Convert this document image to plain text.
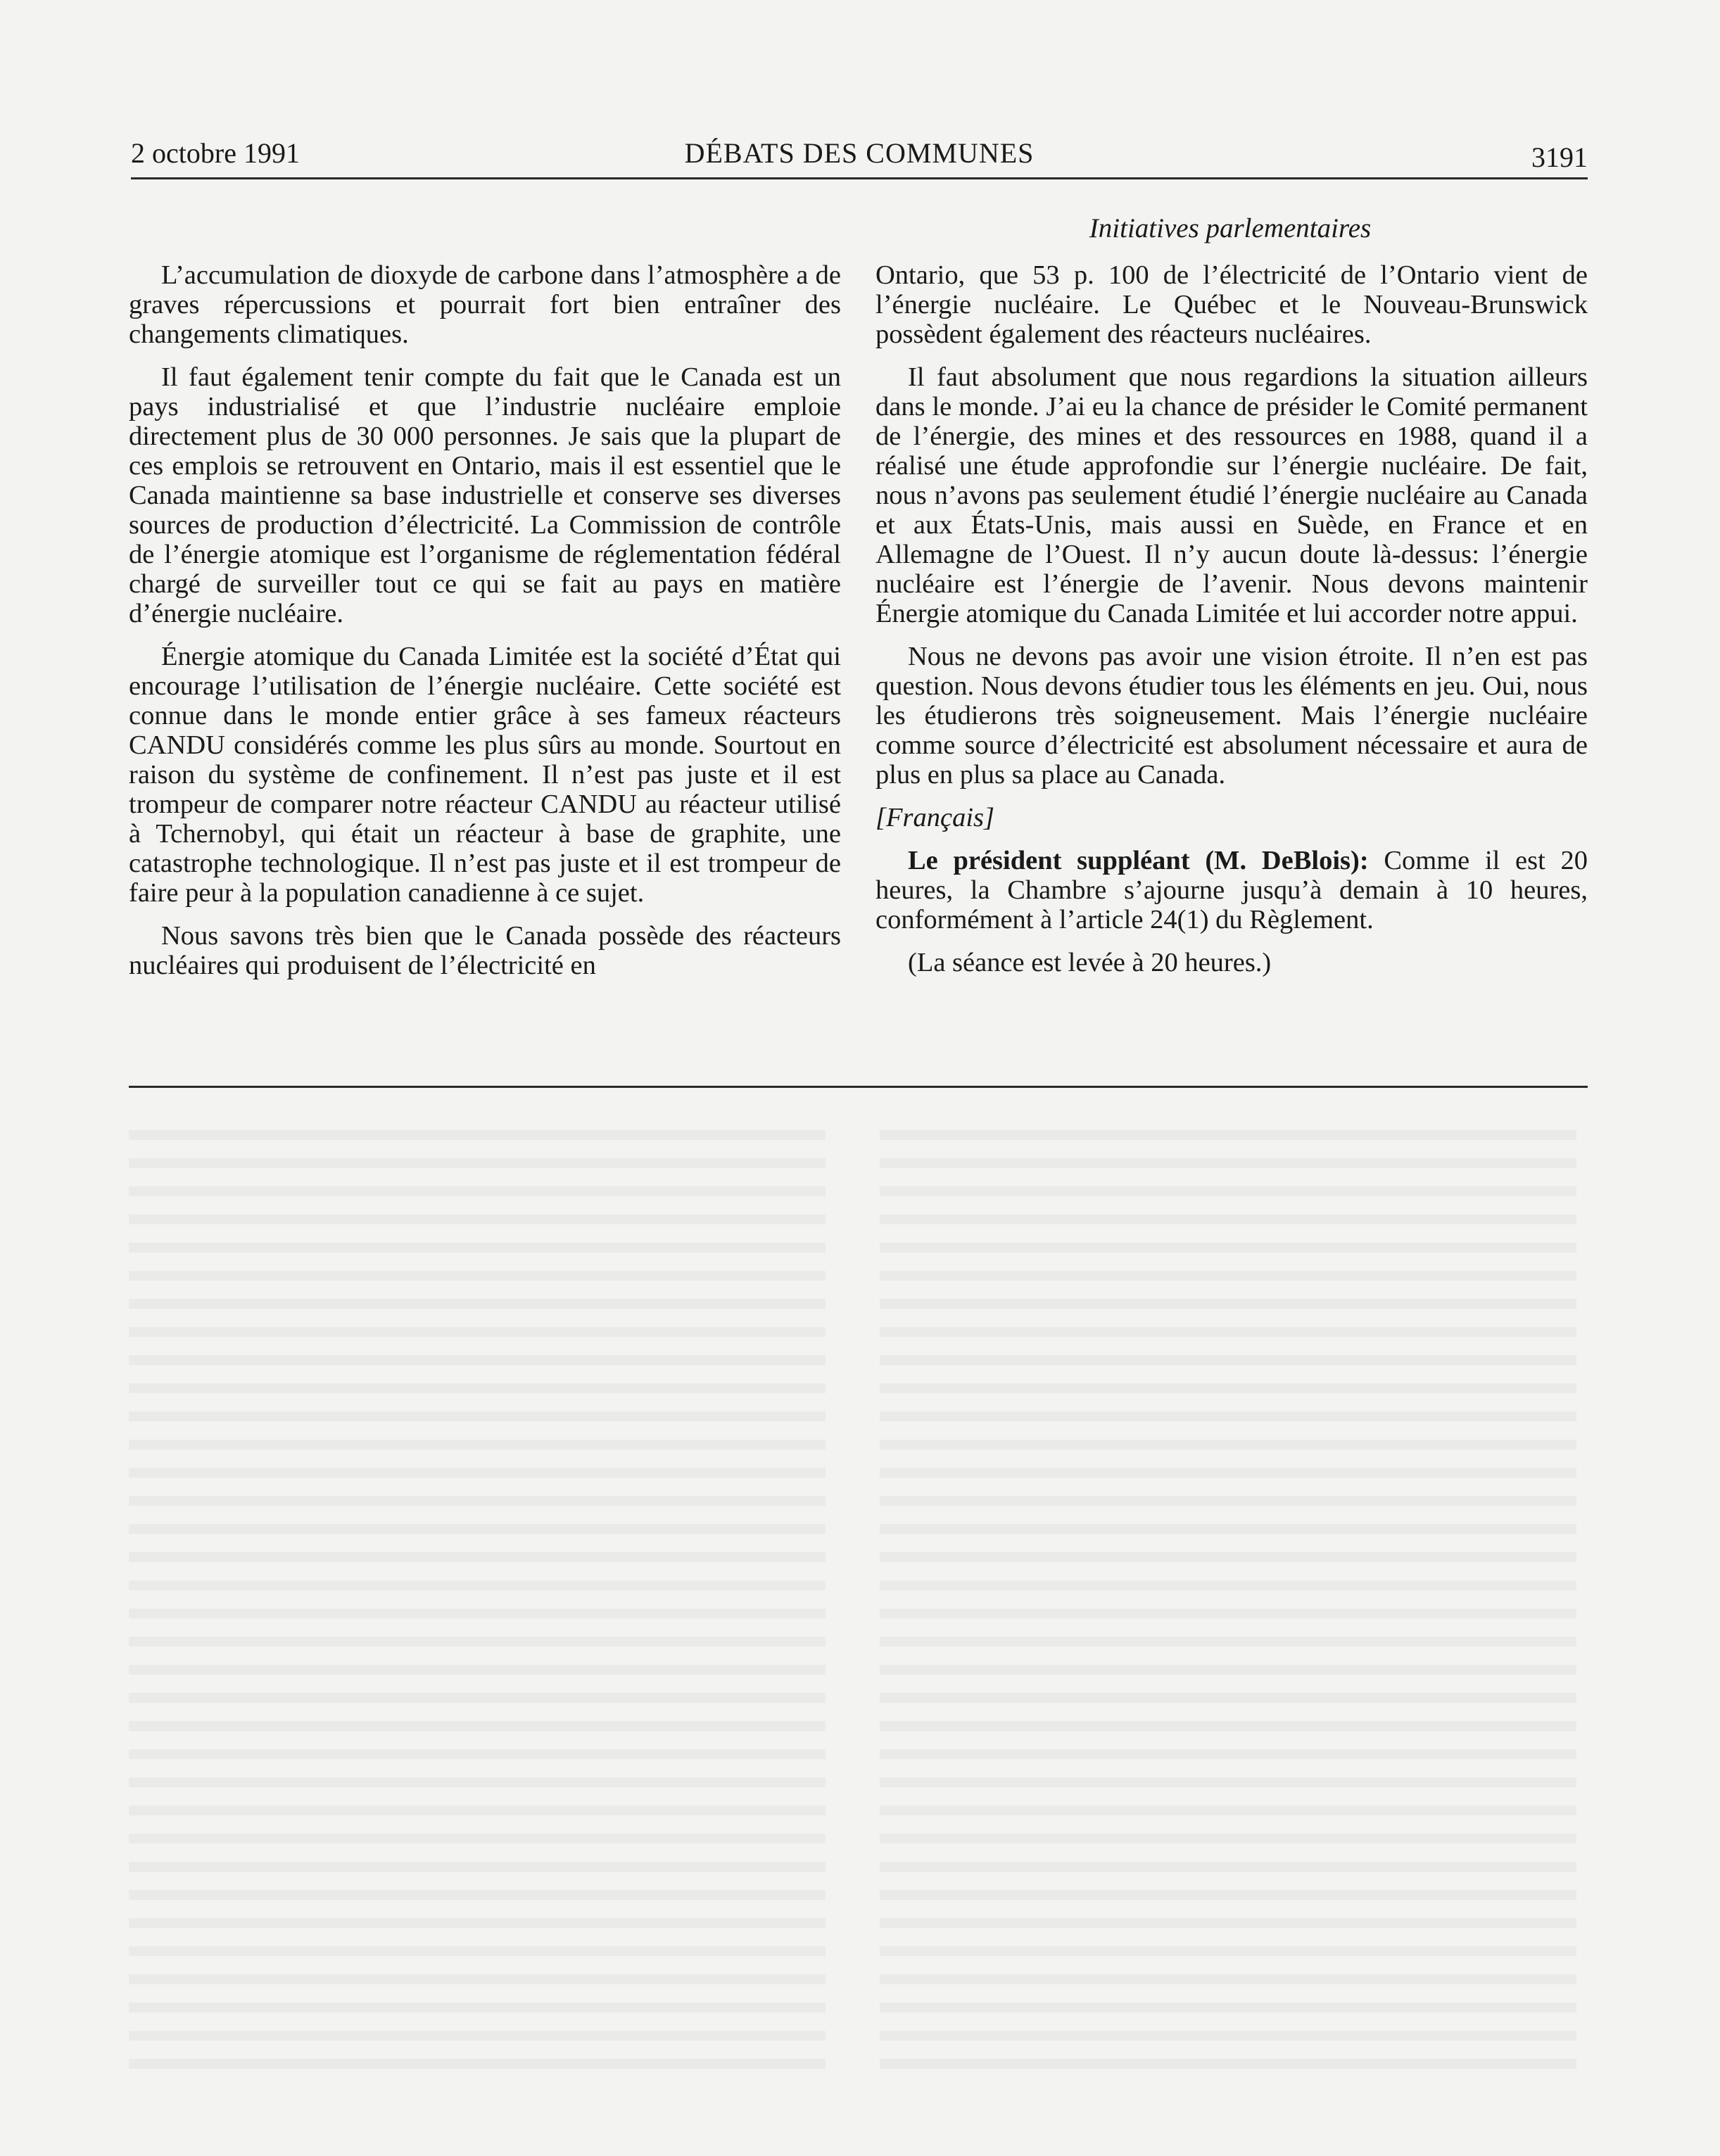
2 octobre 1991	DÉBATS DES COMMUNES	3191
Initiatives parlementaires

L’accumulation de dioxyde de carbone dans l’atmosphère a de graves répercussions et pourrait fort bien entraîner des changements climatiques.

Il faut également tenir compte du fait que le Canada est un pays industrialisé et que l’industrie nucléaire emploie directement plus de 30 000 personnes. Je sais que la plupart de ces emplois se retrouvent en Ontario, mais il est essentiel que le Canada maintienne sa base industrielle et conserve ses diverses sources de production d’électricité. La Commission de contrôle de l’énergie atomique est l’organisme de réglementation fédéral chargé de surveiller tout ce qui se fait au pays en matière d’énergie nucléaire.

Énergie atomique du Canada Limitée est la société d’État qui encourage l’utilisation de l’énergie nucléaire. Cette société est connue dans le monde entier grâce à ses fameux réacteurs CANDU considérés comme les plus sûrs au monde. Sourtout en raison du système de confinement. Il n’est pas juste et il est trompeur de comparer notre réacteur CANDU au réacteur utilisé à Tchernobyl, qui était un réacteur à base de graphite, une catastrophe technologique. Il n’est pas juste et il est trompeur de faire peur à la population canadienne à ce sujet.

Nous savons très bien que le Canada possède des réacteurs nucléaires qui produisent de l’électricité en

Ontario, que 53 p. 100 de l’électricité de l’Ontario vient de l’énergie nucléaire. Le Québec et le Nouveau-Brunswick possèdent également des réacteurs nucléaires.

Il faut absolument que nous regardions la situation ailleurs dans le monde. J’ai eu la chance de présider le Comité permanent de l’énergie, des mines et des ressources en 1988, quand il a réalisé une étude approfondie sur l’énergie nucléaire. De fait, nous n’avons pas seulement étudié l’énergie nucléaire au Canada et aux États-Unis, mais aussi en Suède, en France et en Allemagne de l’Ouest. Il n’y aucun doute là-dessus: l’énergie nucléaire est l’énergie de l’avenir. Nous devons maintenir Énergie atomique du Canada Limitée et lui accorder notre appui.

Nous ne devons pas avoir une vision étroite. Il n’en est pas question. Nous devons étudier tous les éléments en jeu. Oui, nous les étudierons très soigneusement. Mais l’énergie nucléaire comme source d’électricité est absolument nécessaire et aura de plus en plus sa place au Canada.

[Français]

Le président suppléant (M. DeBlois): Comme il est 20 heures, la Chambre s’ajourne jusqu’à demain à 10 heures, conformément à l’article 24(1) du Règlement.

(La séance est levée à 20 heures.)
